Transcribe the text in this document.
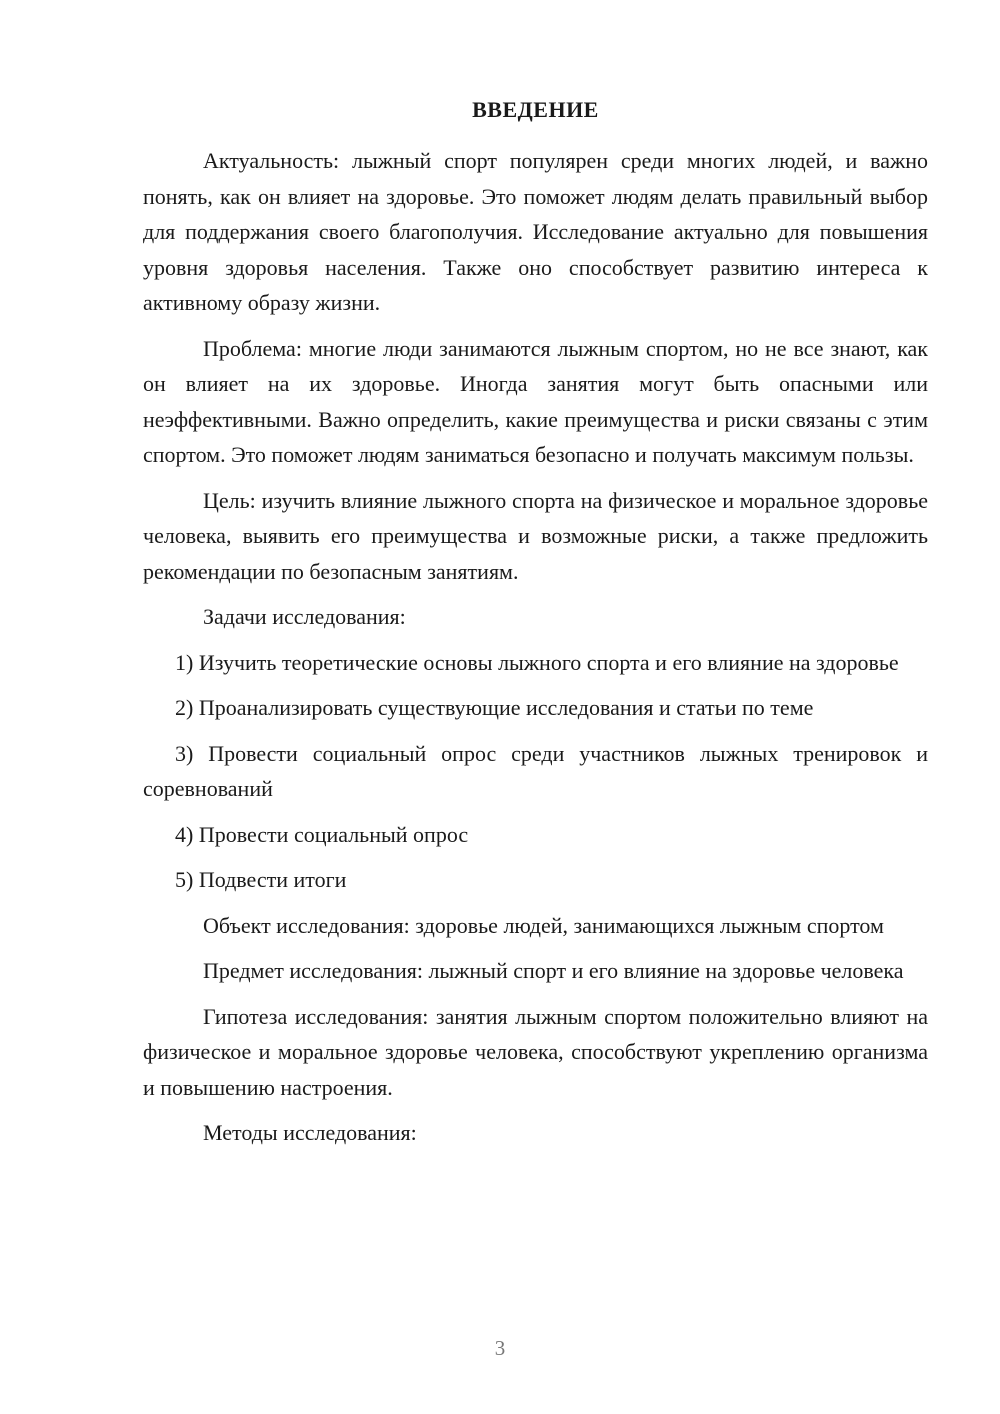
ВВЕДЕНИЕ

Актуальность: лыжный спорт популярен среди многих людей, и важно понять, как он влияет на здоровье. Это поможет людям делать правильный выбор для поддержания своего благополучия. Исследование актуально для повышения уровня здоровья населения. Также оно способствует развитию интереса к активному образу жизни.

Проблема: многие люди занимаются лыжным спортом, но не все знают, как он влияет на их здоровье. Иногда занятия могут быть опасными или неэффективными. Важно определить, какие преимущества и риски связаны с этим спортом. Это поможет людям заниматься безопасно и получать максимум пользы.

Цель: изучить влияние лыжного спорта на физическое и моральное здоровье человека, выявить его преимущества и возможные риски, а также предложить рекомендации по безопасным занятиям.

Задачи исследования:

1) Изучить теоретические основы лыжного спорта и его влияние на здоровье

2) Проанализировать существующие исследования и статьи по теме

3) Провести социальный опрос среди участников лыжных тренировок и соревнований

4) Провести социальный опрос

5) Подвести итоги

Объект исследования: здоровье людей, занимающихся лыжным спортом

Предмет исследования: лыжный спорт и его влияние на здоровье человека

Гипотеза исследования: занятия лыжным спортом положительно влияют на физическое и моральное здоровье человека, способствуют укреплению организма и повышению настроения.

Методы исследования:

3
